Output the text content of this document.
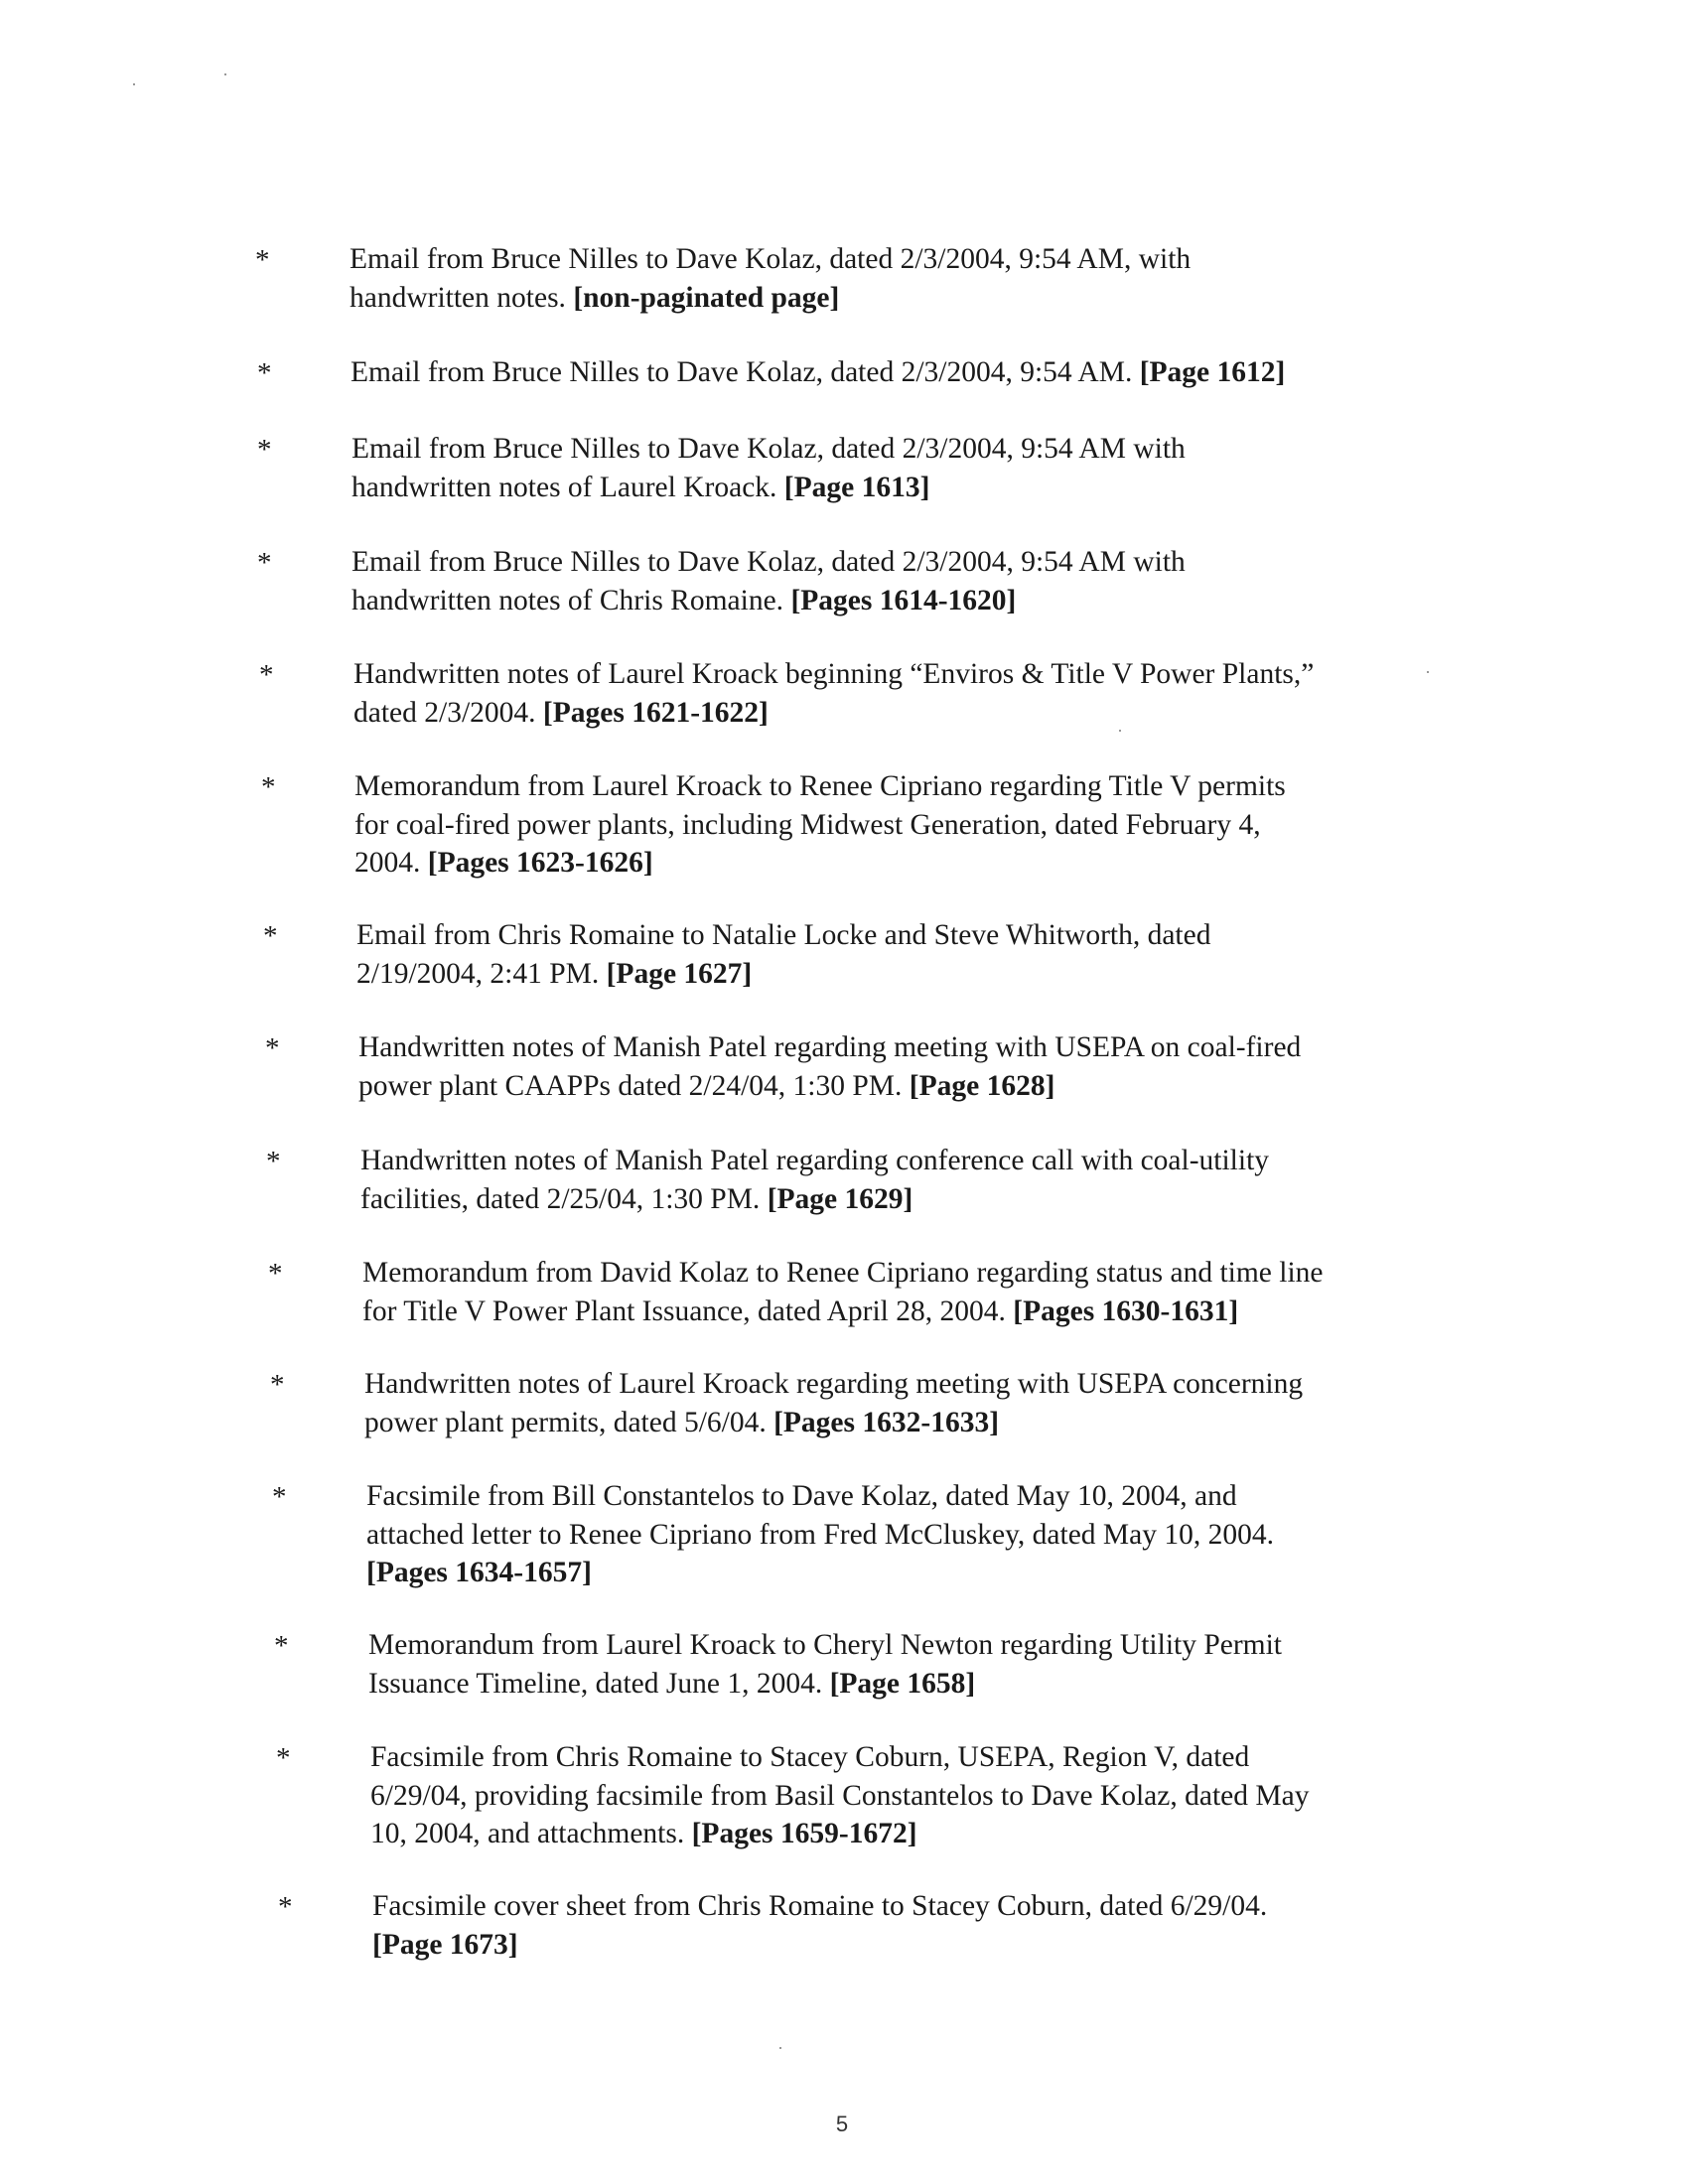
*	Email from Bruce Nilles to Dave Kolaz, dated 2/3/2004, 9:54 AM, with
handwritten notes. [non-paginated page]
*	Email from Bruce Nilles to Dave Kolaz, dated 2/3/2004, 9:54 AM. [Page 1612]
*	Email from Bruce Nilles to Dave Kolaz, dated 2/3/2004, 9:54 AM with
handwritten notes of Laurel Kroack. [Page 1613]
*	Email from Bruce Nilles to Dave Kolaz, dated 2/3/2004, 9:54 AM with
handwritten notes of Chris Romaine. [Pages 1614-1620]
*	Handwritten notes of Laurel Kroack beginning “Enviros & Title V Power Plants,”
dated 2/3/2004. [Pages 1621-1622]
*	Memorandum from Laurel Kroack to Renee Cipriano regarding Title V permits
for coal-fired power plants, including Midwest Generation, dated February 4,
2004. [Pages 1623-1626]
*	Email from Chris Romaine to Natalie Locke and Steve Whitworth, dated
2/19/2004, 2:41 PM. [Page 1627]
*	Handwritten notes of Manish Patel regarding meeting with USEPA on coal-fired
power plant CAAPPs dated 2/24/04, 1:30 PM. [Page 1628]
*	Handwritten notes of Manish Patel regarding conference call with coal-utility
facilities, dated 2/25/04, 1:30 PM. [Page 1629]
*	Memorandum from David Kolaz to Renee Cipriano regarding status and time line
for Title V Power Plant Issuance, dated April 28, 2004. [Pages 1630-1631]
*	Handwritten notes of Laurel Kroack regarding meeting with USEPA concerning
power plant permits, dated 5/6/04. [Pages 1632-1633]
*	Facsimile from Bill Constantelos to Dave Kolaz, dated May 10, 2004, and
attached letter to Renee Cipriano from Fred McCluskey, dated May 10, 2004.
[Pages 1634-1657]
*	Memorandum from Laurel Kroack to Cheryl Newton regarding Utility Permit
Issuance Timeline, dated June 1, 2004. [Page 1658]
*	Facsimile from Chris Romaine to Stacey Coburn, USEPA, Region V, dated
6/29/04, providing facsimile from Basil Constantelos to Dave Kolaz, dated May
10, 2004, and attachments. [Pages 1659-1672]
*	Facsimile cover sheet from Chris Romaine to Stacey Coburn, dated 6/29/04.
[Page 1673]
5
